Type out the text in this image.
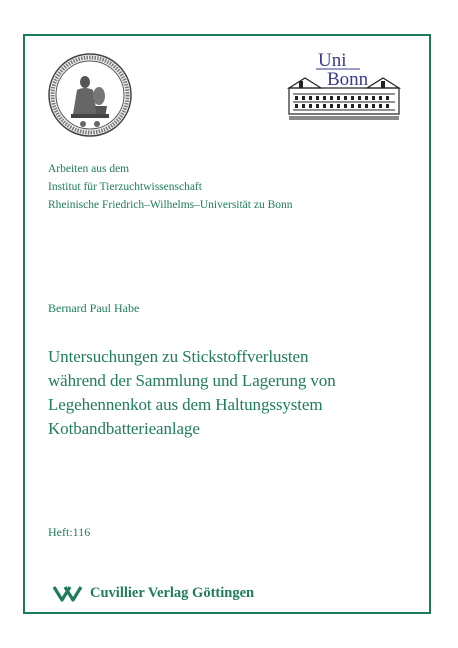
Uni
Bonn
Arbeiten aus dem
Institut für Tierzuchtwissenschaft
Rheinische Friedrich–Wilhelms–Universität zu Bonn
Bernard Paul Habe
Untersuchungen zu Stickstoffverlusten
während der Sammlung und Lagerung von
Legehennenkot aus dem Haltungssystem
Kotbandbatterieanlage
Heft:116
Cuvillier Verlag Göttingen
